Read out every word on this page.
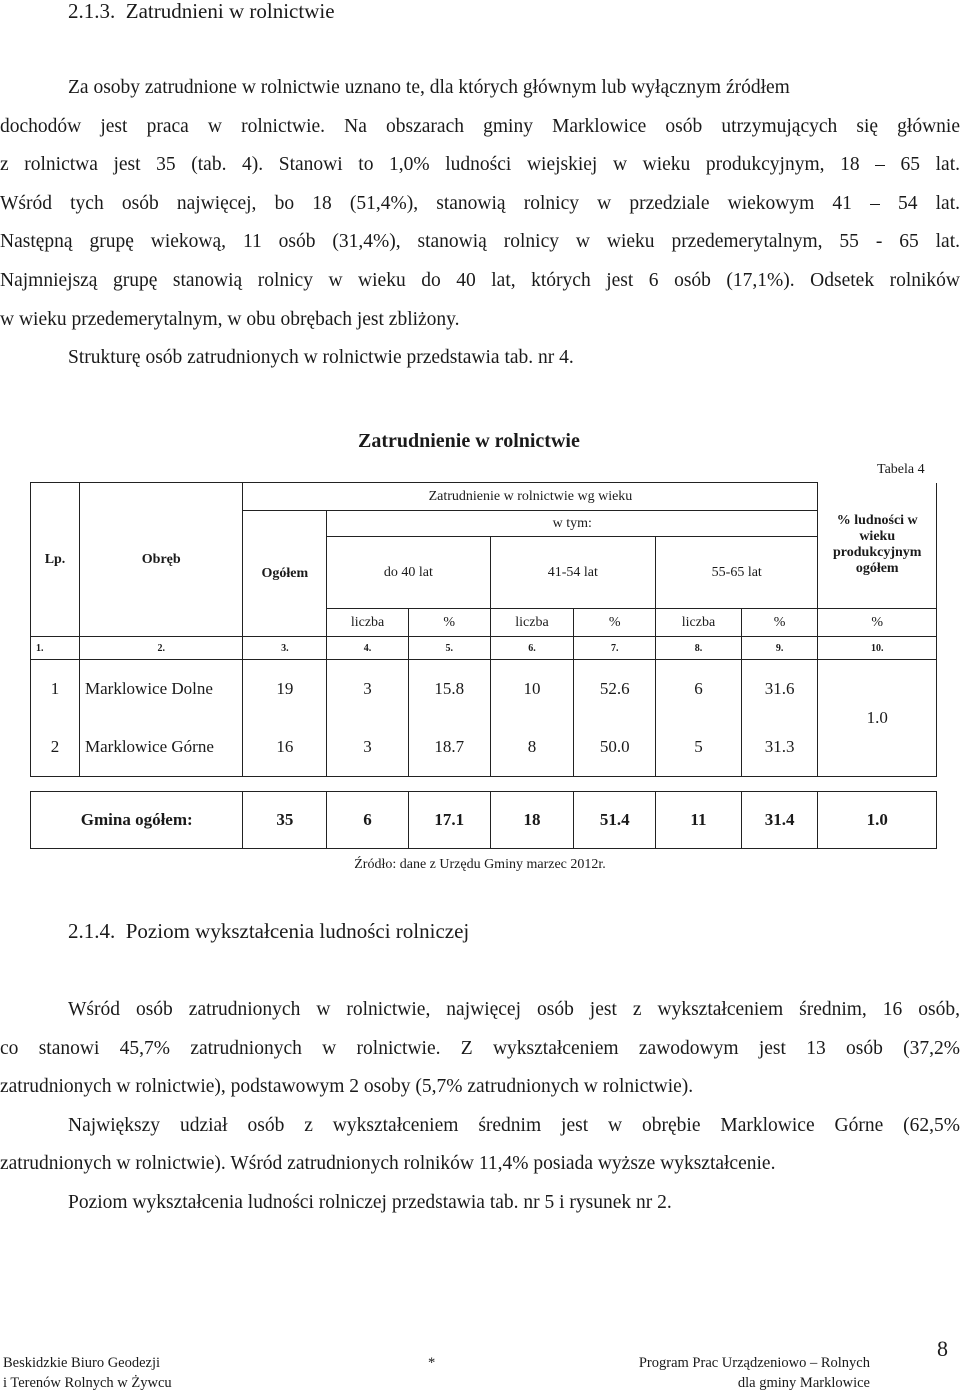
2.1.3. Zatrudnieni w rolnictwie

Za osoby zatrudnione w rolnictwie uznano te, dla których głównym lub wyłącznym źródłem

dochodów jest praca w rolnictwie. Na obszarach gminy Marklowice osób utrzymujących się głównie

z rolnictwa jest 35 (tab. 4). Stanowi to 1,0% ludności wiejskiej w wieku produkcyjnym, 18 – 65 lat.

Wśród tych osób najwięcej, bo 18 (51,4%), stanowią rolnicy w przedziale wiekowym 41 – 54 lat.

Następną grupę wiekową, 11 osób (31,4%), stanowią rolnicy w wieku przedemerytalnym, 55 - 65 lat.

Najmniejszą grupę stanowią rolnicy w wieku do 40 lat, których jest 6 osób (17,1%). Odsetek rolników

w wieku przedemerytalnym, w obu obrębach jest zbliżony.

Strukturę osób zatrudnionych w rolnictwie przedstawia tab. nr 4.

Zatrudnienie w rolnictwie
Tabela 4
Lp.	Obręb	Zatrudnienie w rolnictwie wg wieku							% ludności w wieku produkcyjnym ogółem
		Ogółem	w tym:						
			do 40 lat		41-54 lat		55-65 lat		
			liczba	%	liczba	%	liczba	%	%
1.	2.	3.	4.	5.	6.	7.	8.	9.	10.
1	Marklowice Dolne	19	3	15.8	10	52.6	6	31.6	1.0
2	Marklowice Górne	16	3	18.7	8	50.0	5	31.3	

Gmina ogółem:		35	6	17.1	18	51.4	11	31.4	1.0
Źródło: dane z Urzędu Gminy marzec 2012r.
2.1.4. Poziom wykształcenia ludności rolniczej

Wśród osób zatrudnionych w rolnictwie, najwięcej osób jest z wykształceniem średnim, 16 osób,

co stanowi 45,7% zatrudnionych w rolnictwie. Z wykształceniem zawodowym jest 13 osób (37,2%

zatrudnionych w rolnictwie), podstawowym 2 osoby (5,7% zatrudnionych w rolnictwie).

Największy udział osób z wykształceniem średnim jest w obrębie Marklowice Górne (62,5%

zatrudnionych w rolnictwie). Wśród zatrudnionych rolników 11,4% posiada wyższe wykształcenie.

Poziom wykształcenia ludności rolniczej przedstawia tab. nr 5 i rysunek nr 2.

Beskidzkie Biuro Geodezji
i Terenów Rolnych w Żywcu
*	Program Prac Urządzeniowo – Rolnych
dla gminy Marklowice
8
